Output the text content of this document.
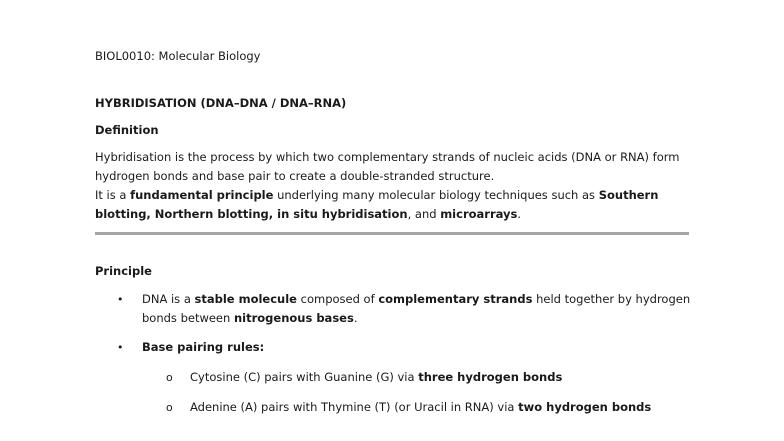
BIOL0010: Molecular Biology

HYBRIDISATION (DNA–DNA / DNA–RNA)

Definition

Hybridisation is the process by which two complementary strands of nucleic acids (DNA or RNA) form hydrogen bonds and base pair to create a double-stranded structure.
It is a fundamental principle underlying many molecular biology techniques such as Southern blotting, Northern blotting, in situ hybridisation, and microarrays.

Principle

• DNA is a stable molecule composed of complementary strands held together by hydrogen bonds between nitrogenous bases.
• Base pairing rules:
o Cytosine (C) pairs with Guanine (G) via three hydrogen bonds
o Adenine (A) pairs with Thymine (T) (or Uracil in RNA) via two hydrogen bonds
